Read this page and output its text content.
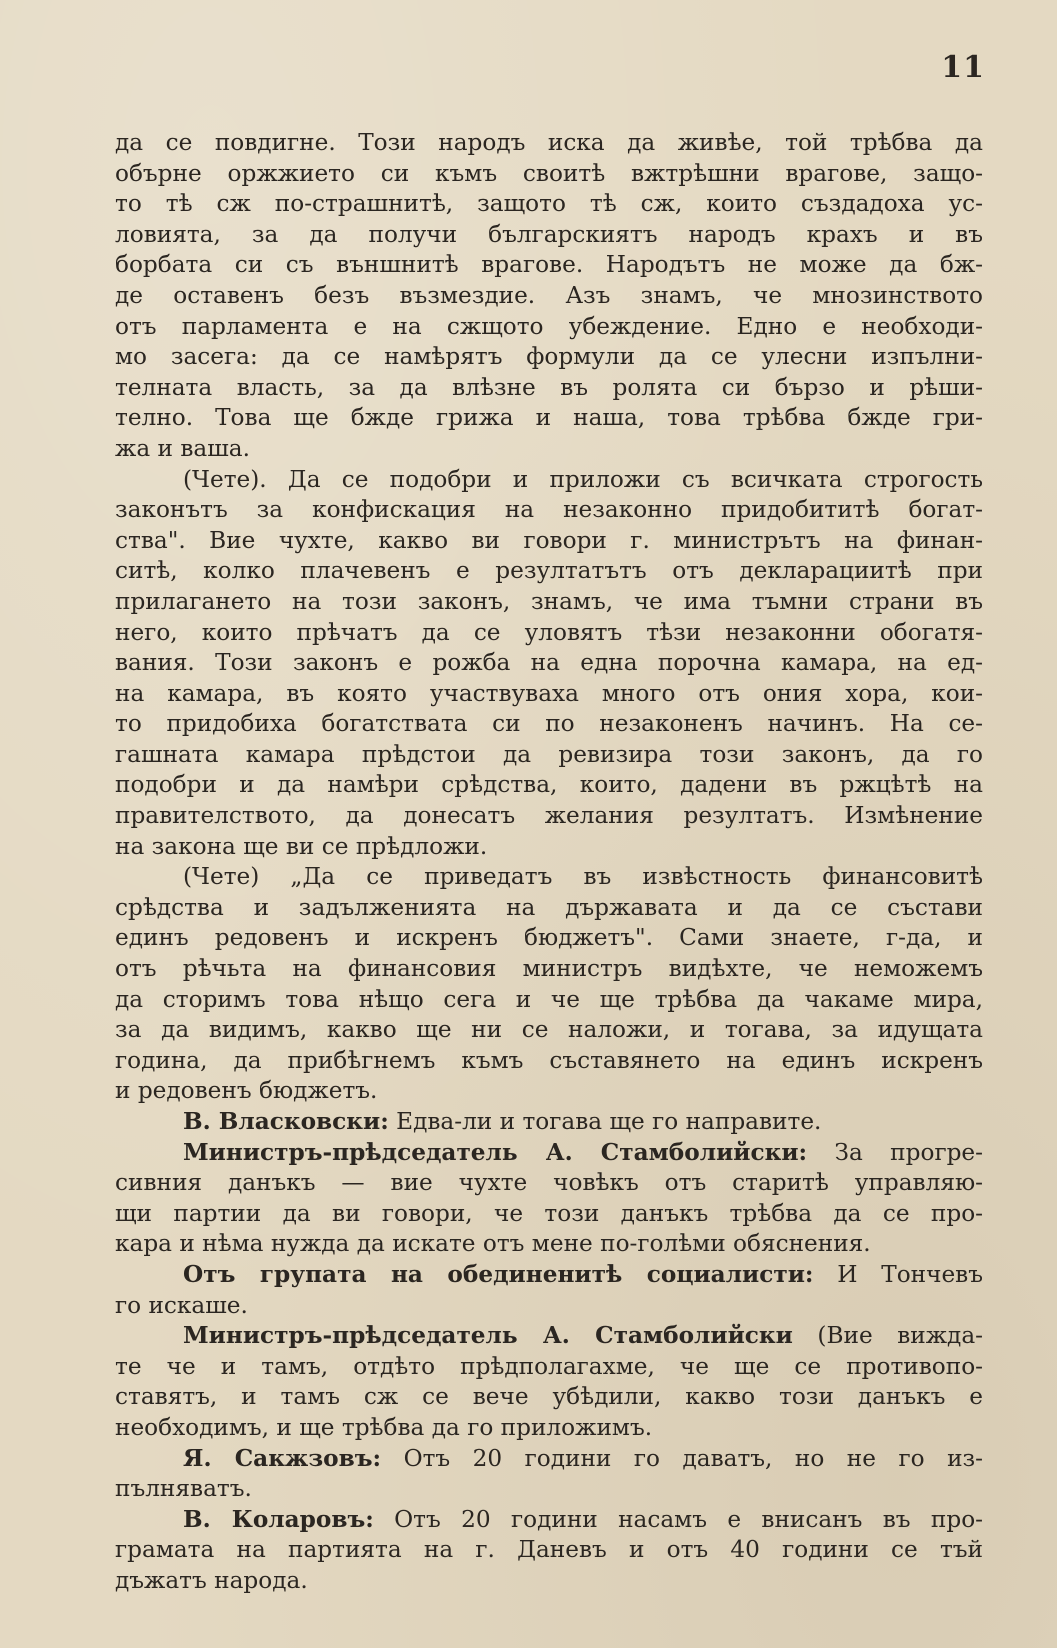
11
да се повдигне. Този народъ иска да живѣе, той трѣбва да
обърне оржжието си къмъ своитѣ вжтрѣшни врагове, защо-
то тѣ сж по-страшнитѣ, защото тѣ сж, които създадоха ус-
ловията, за да получи българскиятъ народъ крахъ и въ
борбата си съ външнитѣ врагове. Народътъ не може да бж-
де оставенъ безъ възмездие. Азъ знамъ, че мнозинството
отъ парламента е на сжщото убеждение. Едно е необходи-
мо засега: да се намѣрятъ формули да се улесни изпълни-
телната власть, за да влѣзне въ ролята си бързо и рѣши-
телно. Това ще бжде грижа и наша, това трѣбва бжде гри-
жа и ваша.
(Чете). Да се подобри и приложи съ всичката строгость
законътъ за конфискация на незаконно придобититѣ богат-
ства". Вие чухте, какво ви говори г. министрътъ на финан-
ситѣ, колко плачевенъ е резултатътъ отъ декларациитѣ при
прилагането на този законъ, знамъ, че има тъмни страни въ
него, които прѣчатъ да се уловятъ тѣзи незаконни обогатя-
вания. Този законъ е рожба на една порочна камара, на ед-
на камара, въ която участвуваха много отъ ония хора, кои-
то придобиха богатствата си по незаконенъ начинъ. На се-
гашната камара прѣдстои да ревизира този законъ, да го
подобри и да намѣри срѣдства, които, дадени въ ржцѣтѣ на
правителството, да донесатъ желания резултатъ. Измѣнение
на закона ще ви се прѣдложи.
(Чете) „Да се приведатъ въ извѣстность финансовитѣ
срѣдства и задълженията на държавата и да се състави
единъ редовенъ и искренъ бюджетъ". Сами знаете, г-да, и
отъ рѣчьта на финансовия министръ видѣхте, че неможемъ
да сторимъ това нѣщо сега и че ще трѣбва да чакаме мира,
за да видимъ, какво ще ни се наложи, и тогава, за идущата
година, да прибѣгнемъ къмъ съставянето на единъ искренъ
и редовенъ бюджетъ.
В. Власковски: Едва-ли и тогава ще го направите.
Министръ-прѣдседатель А. Стамболийски: За прогре-
сивния данъкъ — вие чухте човѣкъ отъ старитѣ управляю-
щи партии да ви говори, че този данъкъ трѣбва да се про-
кара и нѣма нужда да искате отъ мене по-голѣми обяснения.
Отъ групата на обединенитѣ социалисти: И Тончевъ
го искаше.
Министръ-прѣдседатель А. Стамболийски (Вие вижда-
те че и тамъ, отдѣто прѣдполагахме, че ще се противопо-
ставятъ, и тамъ сж се вече убѣдили, какво този данъкъ е
необходимъ, и ще трѣбва да го приложимъ.
Я. Сакжзовъ: Отъ 20 години го даватъ, но не го из-
пълняватъ.
В. Коларовъ: Отъ 20 години насамъ е внисанъ въ про-
грамата на партията на г. Даневъ и отъ 40 години се тъй
дъжатъ народа.
